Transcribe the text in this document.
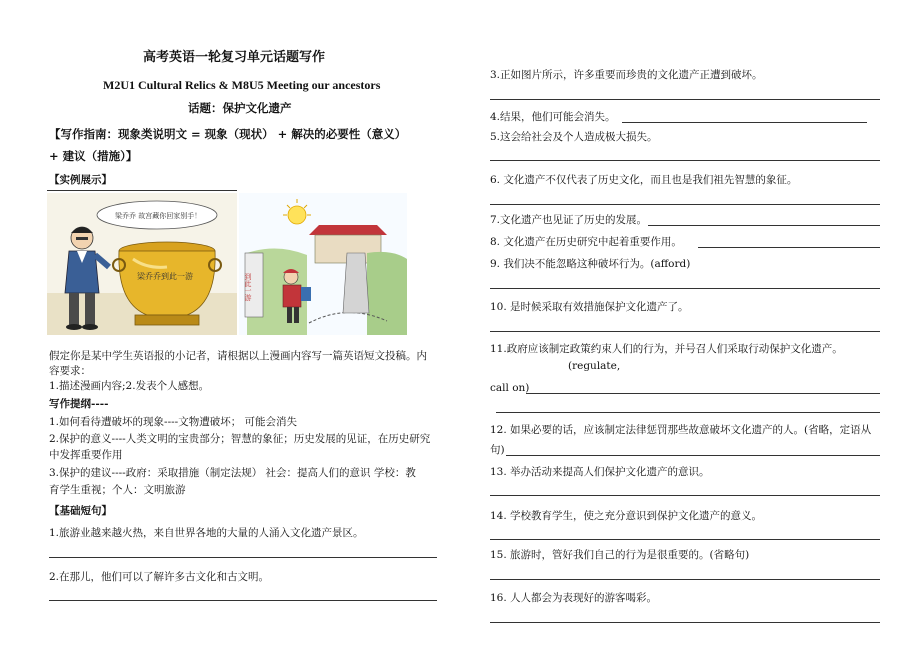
高考英语一轮复习单元话题写作
M2U1 Cultural Relics & M8U5 Meeting our ancestors
话题：保护文化遗产
【写作指南：现象类说明文 = 现象（现状） + 解决的必要性（意义）
+ 建议（措施）】
【实例展示】
梁乔乔 故宫藏你回家别手！
梁乔乔到此一游	到此一游
假定你是某中学生英语报的小记者，请根据以上漫画内容写一篇英语短文投稿。内
容要求：
1.描述漫画内容;2.发表个人感想。
写作提纲----
1.如何看待遭破坏的现象----文物遭破坏； 可能会消失
2.保护的意义----人类文明的宝贵部分；智慧的象征；历史发展的见证，在历史研究
中发挥重要作用
3.保护的建议----政府：采取措施（制定法规） 社会：提高人们的意识 学校：教
育学生重视；个人：文明旅游
【基础短句】
1.旅游业越来越火热，来自世界各地的大量的人涌入文化遗产景区。
2.在那儿，他们可以了解许多古文化和古文明。
3.正如图片所示，许多重要而珍贵的文化遗产正遭到破坏。
4.结果，他们可能会消失。
5.这会给社会及个人造成极大损失。
6. 文化遗产不仅代表了历史文化，而且也是我们祖先智慧的象征。
7.文化遗产也见证了历史的发展。
8. 文化遗产在历史研究中起着重要作用。
9. 我们决不能忽略这种破坏行为。(afford)
10. 是时候采取有效措施保护文化遗产了。
11.政府应该制定政策约束人们的行为，并号召人们采取行动保护文化遗产。
(regulate,
call on)
12. 如果必要的话，应该制定法律惩罚那些故意破坏文化遗产的人。(省略，定语从
句)
13. 举办活动来提高人们保护文化遗产的意识。
14. 学校教育学生，使之充分意识到保护文化遗产的意义。
15. 旅游时，管好我们自己的行为是很重要的。(省略句)
16. 人人都会为表现好的游客喝彩。
